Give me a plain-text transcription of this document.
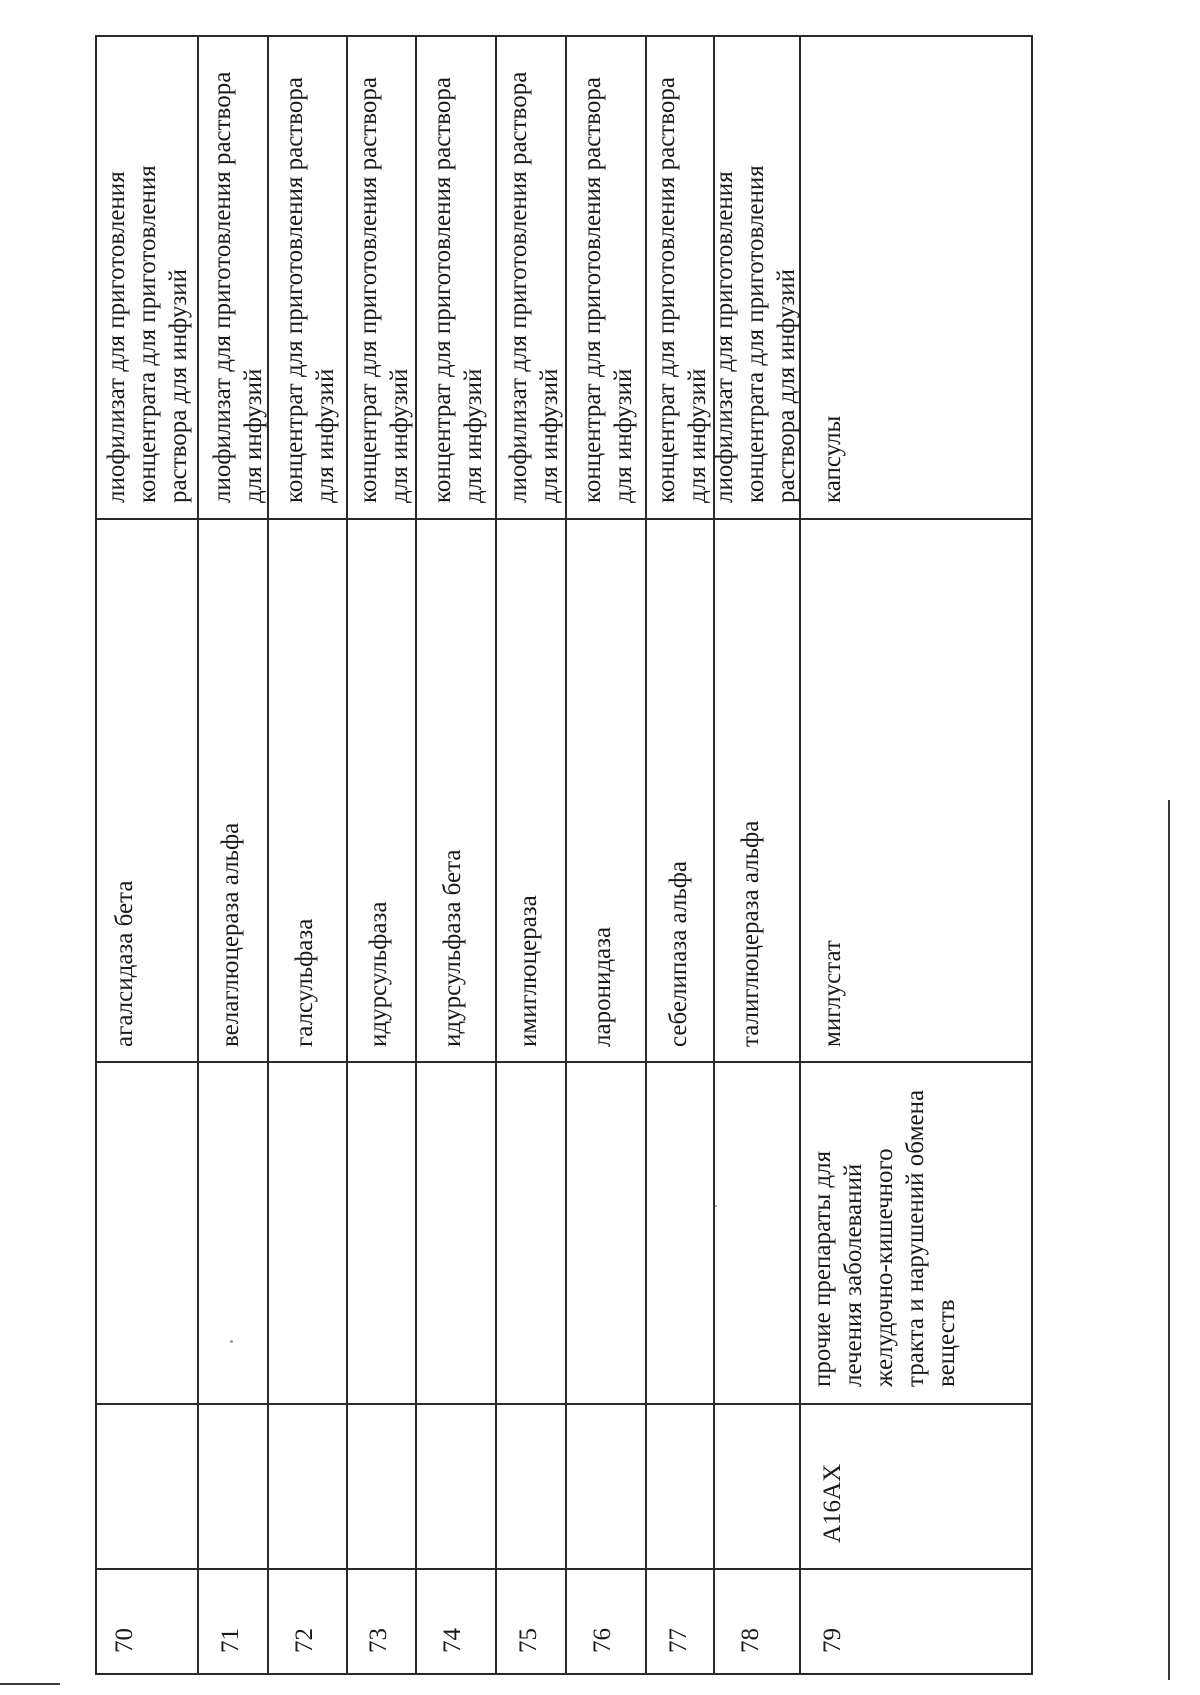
70
агалсидаза бета
лиофилизат для приготовления концентрата для приготовления раствора для инфузий
71
велаглюцераза альфа
лиофилизат для приготовления раствора для инфузий
72
галсульфаза
концентрат для приготовления раствора для инфузий
73
идурсульфаза
концентрат для приготовления раствора для инфузий
74
идурсульфаза бета
концентрат для приготовления раствора для инфузий
75
имиглюцераза
лиофилизат для приготовления раствора для инфузий
76
ларонидаза
концентрат для приготовления раствора для инфузий
77
себелипаза альфа
концентрат для приготовления раствора для инфузий
78
талиглюцераза альфа
лиофилизат для приготовления концентрата для приготовления раствора для инфузий
79
A16AX
прочие препараты для лечения заболеваний желудочно-кишечного тракта и нарушений обмена веществ
миглустат
капсулы
